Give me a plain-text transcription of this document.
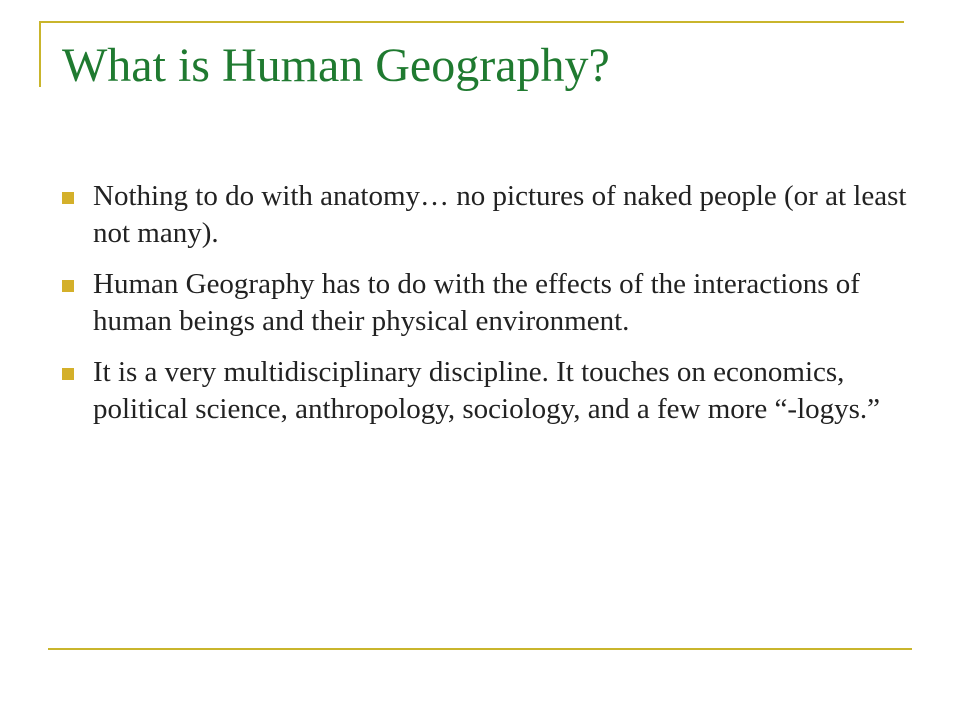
What is Human Geography?
Nothing to do with anatomy… no pictures of naked people (or at least not many).
Human Geography has to do with the effects of the interactions of human beings and their physical environment.
It is a very multidisciplinary discipline. It touches on economics, political science, anthropology, sociology, and a few more “-logys.”
